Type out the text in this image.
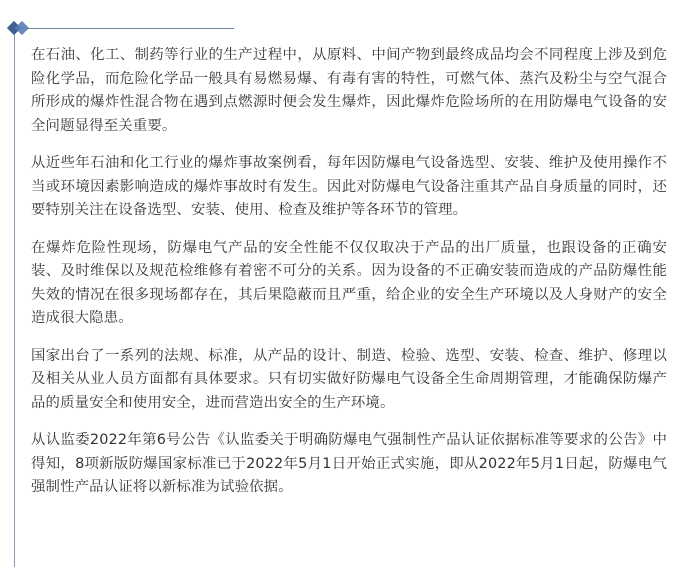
在石油、化工、制药等行业的生产过程中，从原料、中间产物到最终成品均会不同程度上涉及到危险化学品，而危险化学品一般具有易燃易爆、有毒有害的特性，可燃气体、蒸汽及粉尘与空气混合所形成的爆炸性混合物在遇到点燃源时便会发生爆炸，因此爆炸危险场所的在用防爆电气设备的安全问题显得至关重要。

从近些年石油和化工行业的爆炸事故案例看，每年因防爆电气设备选型、安装、维护及使用操作不当或环境因素影响造成的爆炸事故时有发生。因此对防爆电气设备注重其产品自身质量的同时，还要特别关注在设备选型、安装、使用、检查及维护等各环节的管理。

在爆炸危险性现场，防爆电气产品的安全性能不仅仅取决于产品的出厂质量，也跟设备的正确安装、及时维保以及规范检维修有着密不可分的关系。因为设备的不正确安装而造成的产品防爆性能失效的情况在很多现场都存在，其后果隐蔽而且严重，给企业的安全生产环境以及人身财产的安全造成很大隐患。

国家出台了一系列的法规、标准，从产品的设计、制造、检验、选型、安装、检查、维护、修理以及相关从业人员方面都有具体要求。只有切实做好防爆电气设备全生命周期管理，才能确保防爆产品的质量安全和使用安全，进而营造出安全的生产环境。

从认监委2022年第6号公告《认监委关于明确防爆电气强制性产品认证依据标准等要求的公告》中得知，8项新版防爆国家标准已于2022年5月1日开始正式实施，即从2022年5月1日起，防爆电气强制性产品认证将以新标准为试验依据。
